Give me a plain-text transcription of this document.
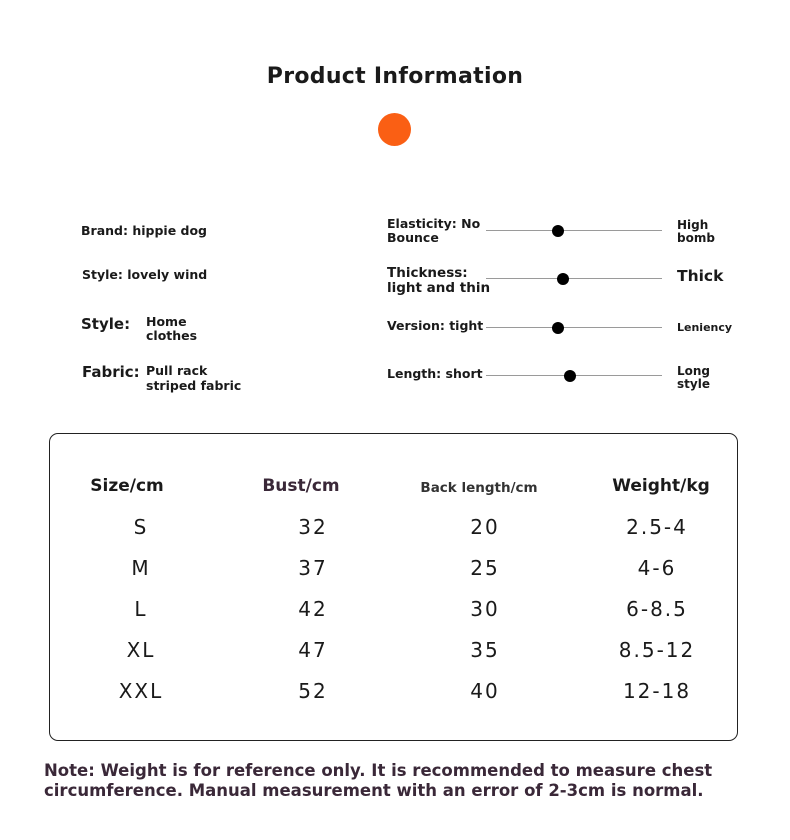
Product Information
Brand: hippie dog
Style: lovely wind
Style: Home
clothes
Fabric: Pull rack
striped fabric
Elasticity: No
Bounce
High
bomb
Thickness:
light and thin
Thick
Version: tight	Leniency
Length: short	Long
style
Size/cm	Bust/cm	Back length/cm	Weight/kg
S	32	20	2.5-4
M	37	25	4-6
L	42	30	6-8.5
XL	47	35	8.5-12
XXL	52	40	12-18
Note: Weight is for reference only. It is recommended to measure chest
circumference. Manual measurement with an error of 2-3cm is normal.
